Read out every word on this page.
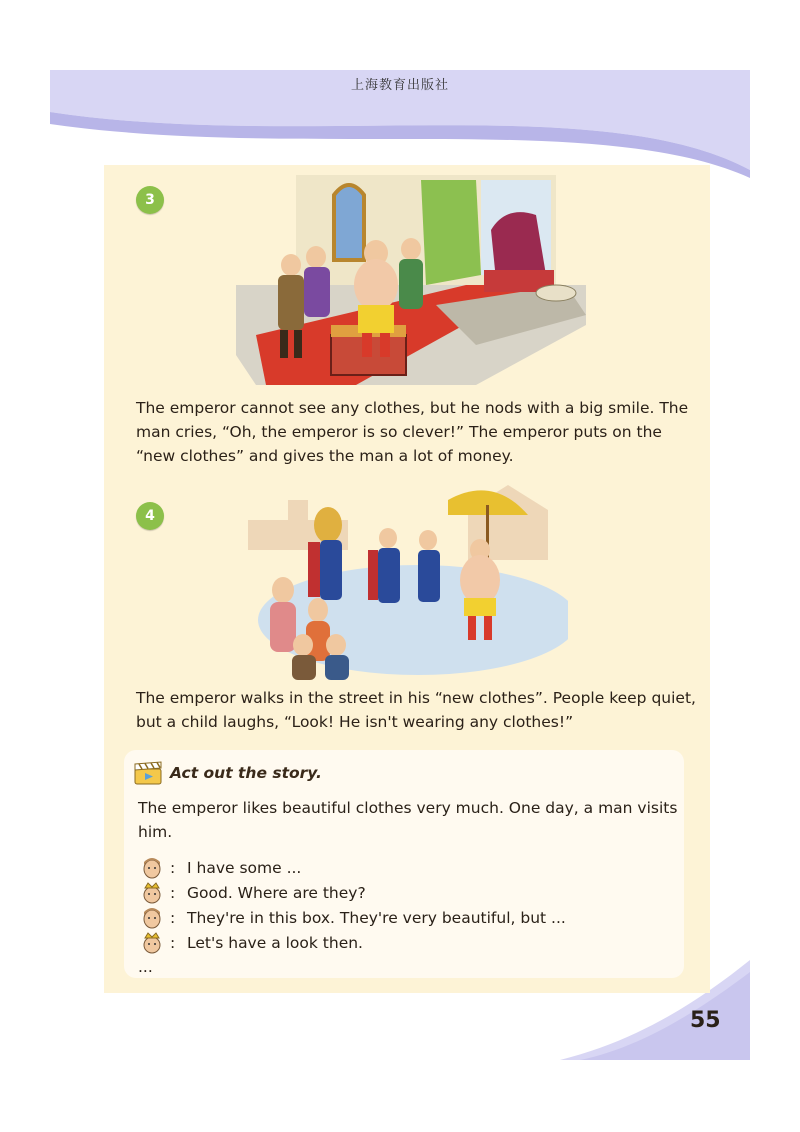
上海教育出版社
3
The emperor cannot see any clothes, but he nods with a big smile. The man cries, “Oh, the emperor is so clever!” The emperor puts on the “new clothes” and gives the man a lot of money.
4
The emperor walks in the street in his “new clothes”. People keep quiet, but a child laughs, “Look! He isn't wearing any clothes!”
Act out the story.
The emperor likes beautiful clothes very much. One day, a man visits him.
: I have some ...
: Good. Where are they?
: They're in this box. They're very beautiful, but ...
: Let's have a look then.
...
55
